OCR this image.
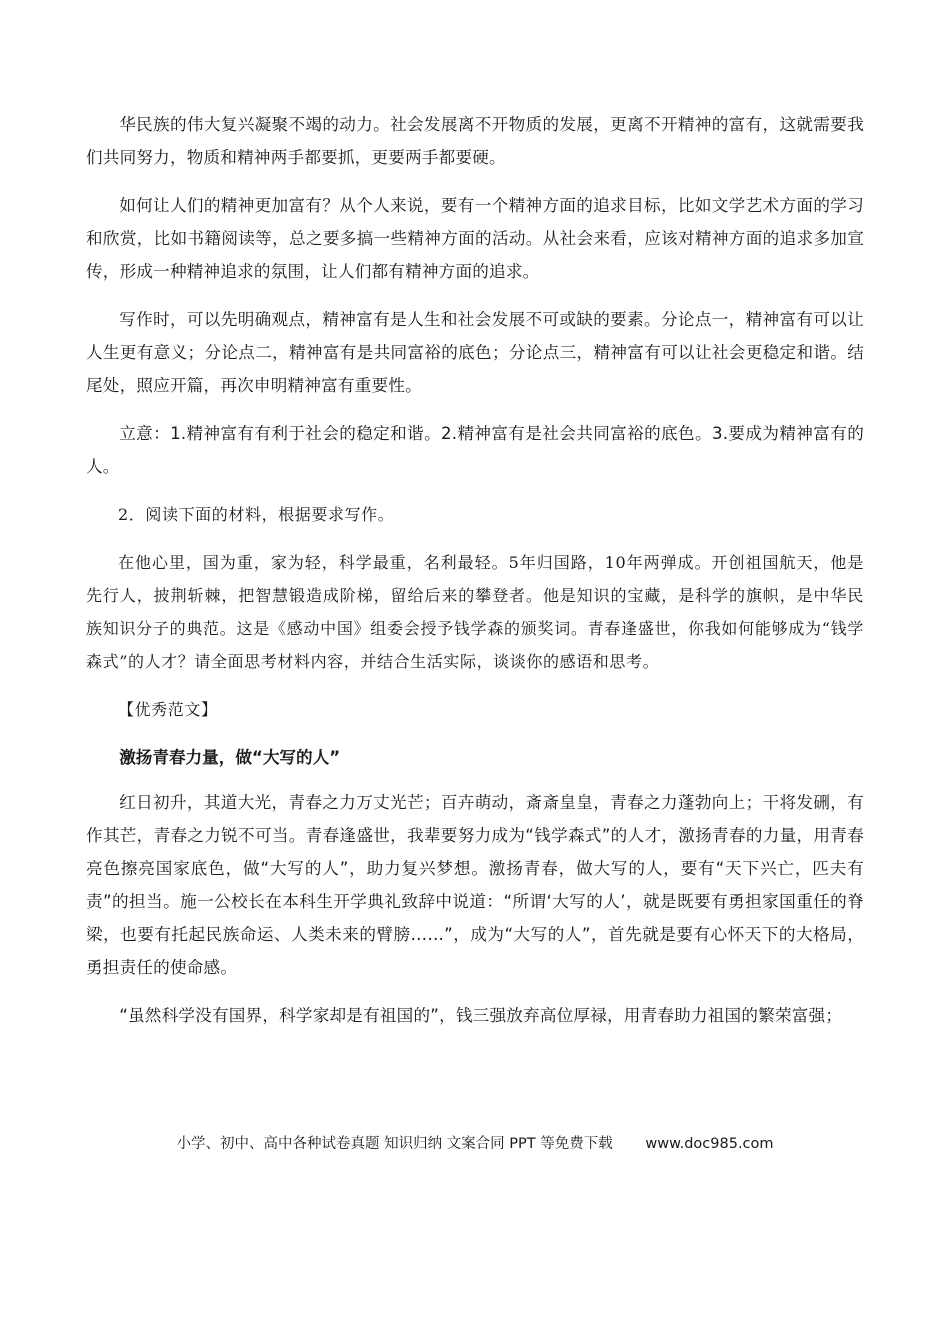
华民族的伟大复兴凝聚不竭的动力。社会发展离不开物质的发展，更离不开精神的富有，这就需要我们共同努力，物质和精神两手都要抓，更要两手都要硬。

如何让人们的精神更加富有？从个人来说，要有一个精神方面的追求目标，比如文学艺术方面的学习和欣赏，比如书籍阅读等，总之要多搞一些精神方面的活动。从社会来看，应该对精神方面的追求多加宣传，形成一种精神追求的氛围，让人们都有精神方面的追求。

写作时，可以先明确观点，精神富有是人生和社会发展不可或缺的要素。分论点一，精神富有可以让人生更有意义；分论点二，精神富有是共同富裕的底色；分论点三，精神富有可以让社会更稳定和谐。结尾处，照应开篇，再次申明精神富有重要性。

立意：1.精神富有有利于社会的稳定和谐。2.精神富有是社会共同富裕的底色。3.要成为精神富有的人。

2．阅读下面的材料，根据要求写作。

在他心里，国为重，家为轻，科学最重，名利最轻。5年归国路，10年两弹成。开创祖国航天，他是先行人，披荆斩棘，把智慧锻造成阶梯，留给后来的攀登者。他是知识的宝藏，是科学的旗帜，是中华民族知识分子的典范。这是《感动中国》组委会授予钱学森的颁奖词。青春逢盛世，你我如何能够成为“钱学森式”的人才？请全面思考材料内容，并结合生活实际，谈谈你的感语和思考。

【优秀范文】

激扬青春力量，做“大写的人”

红日初升，其道大光，青春之力万丈光芒；百卉萌动，斎斎皇皇，青春之力蓬勃向上；干将发硎，有作其芒，青春之力锐不可当。青春逢盛世，我辈要努力成为“钱学森式”的人才，激扬青春的力量，用青春亮色擦亮国家底色，做“大写的人”，助力复兴梦想。激扬青春，做大写的人，要有“天下兴亡，匹夫有责”的担当。施一公校长在本科生开学典礼致辞中说道：“所谓‘大写的人’，就是既要有勇担家国重任的脊梁，也要有托起民族命运、人类未来的臂膀……”，成为“大写的人”，首先就是要有心怀天下的大格局，勇担责任的使命感。

“虽然科学没有国界，科学家却是有祖国的”，钱三强放弃高位厚禄，用青春助力祖国的繁荣富强；

小学、初中、高中各种试卷真题 知识归纳 文案合同 PPT 等免费下载 www.doc985.com
